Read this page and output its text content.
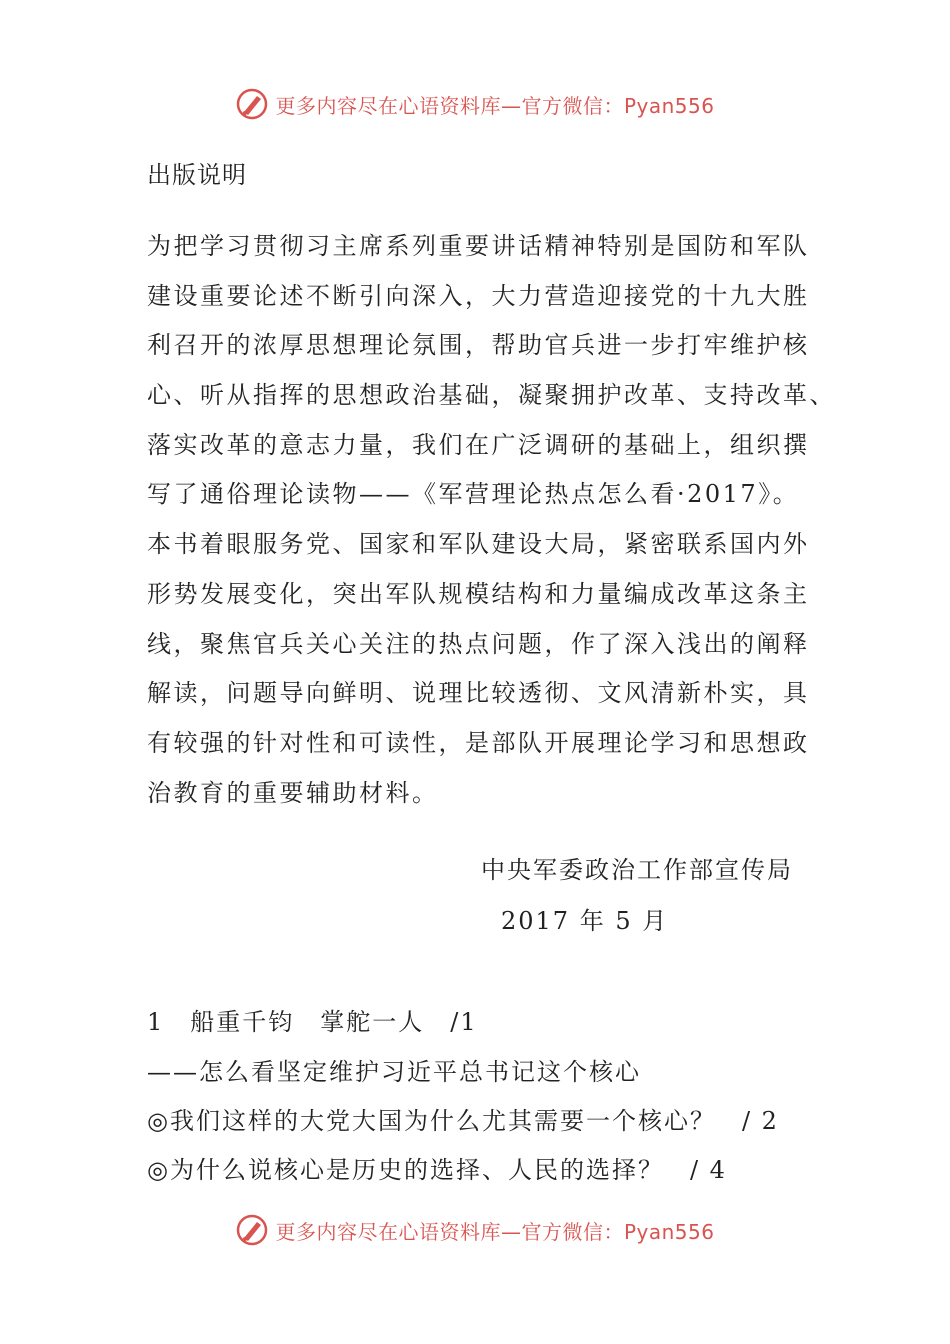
更多内容尽在心语资料库—官方微信：Pyan556
出版说明
为把学习贯彻习主席系列重要讲话精神特别是国防和军队
建设重要论述不断引向深入，大力营造迎接党的十九大胜
利召开的浓厚思想理论氛围，帮助官兵进一步打牢维护核
心、听从指挥的思想政治基础，凝聚拥护改革、支持改革、
落实改革的意志力量，我们在广泛调研的基础上，组织撰
写了通俗理论读物——《军营理论热点怎么看·2017》。
本书着眼服务党、国家和军队建设大局，紧密联系国内外
形势发展变化，突出军队规模结构和力量编成改革这条主
线，聚焦官兵关心关注的热点问题，作了深入浅出的阐释
解读，问题导向鲜明、说理比较透彻、文风清新朴实，具
有较强的针对性和可读性，是部队开展理论学习和思想政
治教育的重要辅助材料。
中央军委政治工作部宣传局
2017 年 5 月
1　船重千钧　掌舵一人　/1
——怎么看坚定维护习近平总书记这个核心
◎我们这样的大党大国为什么尤其需要一个核心？　/ 2
◎为什么说核心是历史的选择、人民的选择？　/ 4
更多内容尽在心语资料库—官方微信：Pyan556
